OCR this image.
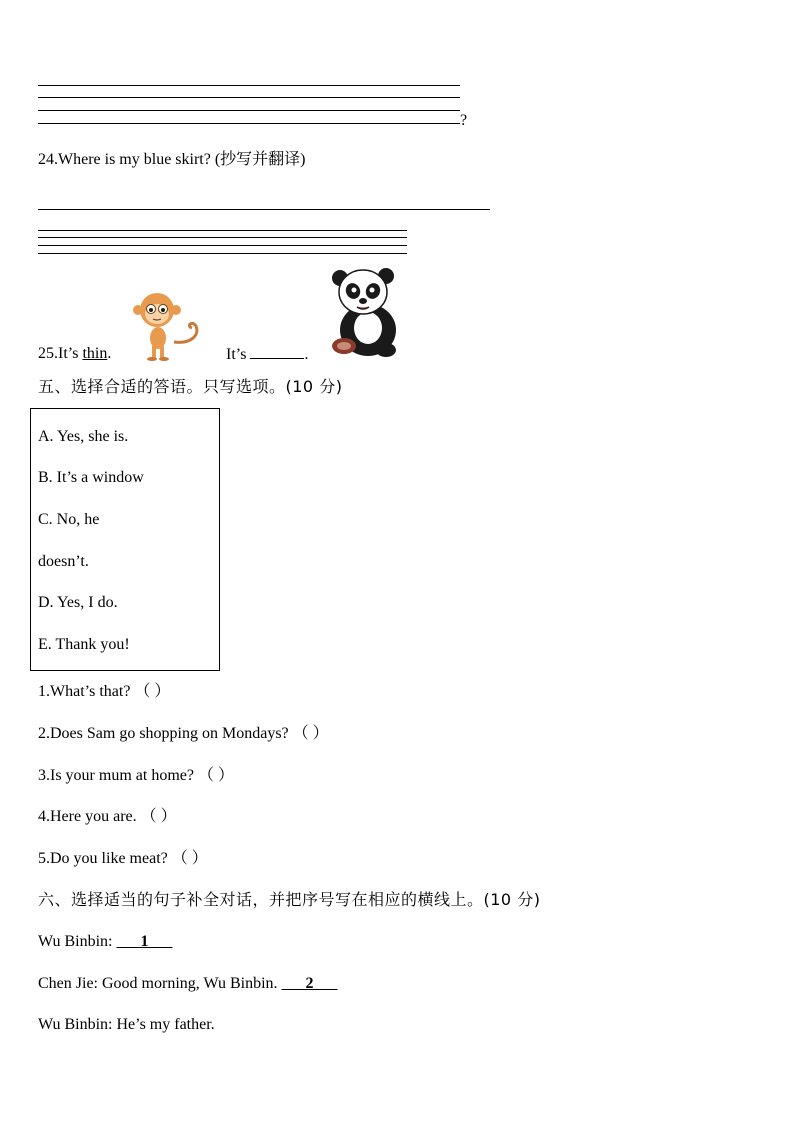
?
24.Where is my blue skirt? (抄写并翻译)
25.It’s thin.	It’s	.
五、选择合适的答语。只写选项。(10 分)
A. Yes, she is.
B. It’s a window
C. No, he
doesn’t.
D. Yes, I do.
E. Thank you!
1.What’s that? （ ）
2.Does Sam go shopping on Mondays? （ ）
3.Is your mum at home? （ ）
4.Here you are. （ ）
5.Do you like meat? （ ）
六、选择适当的句子补全对话，并把序号写在相应的横线上。(10 分)
Wu Binbin:       1
Chen Jie: Good morning, Wu Binbin.       2
Wu Binbin: He’s my father.
